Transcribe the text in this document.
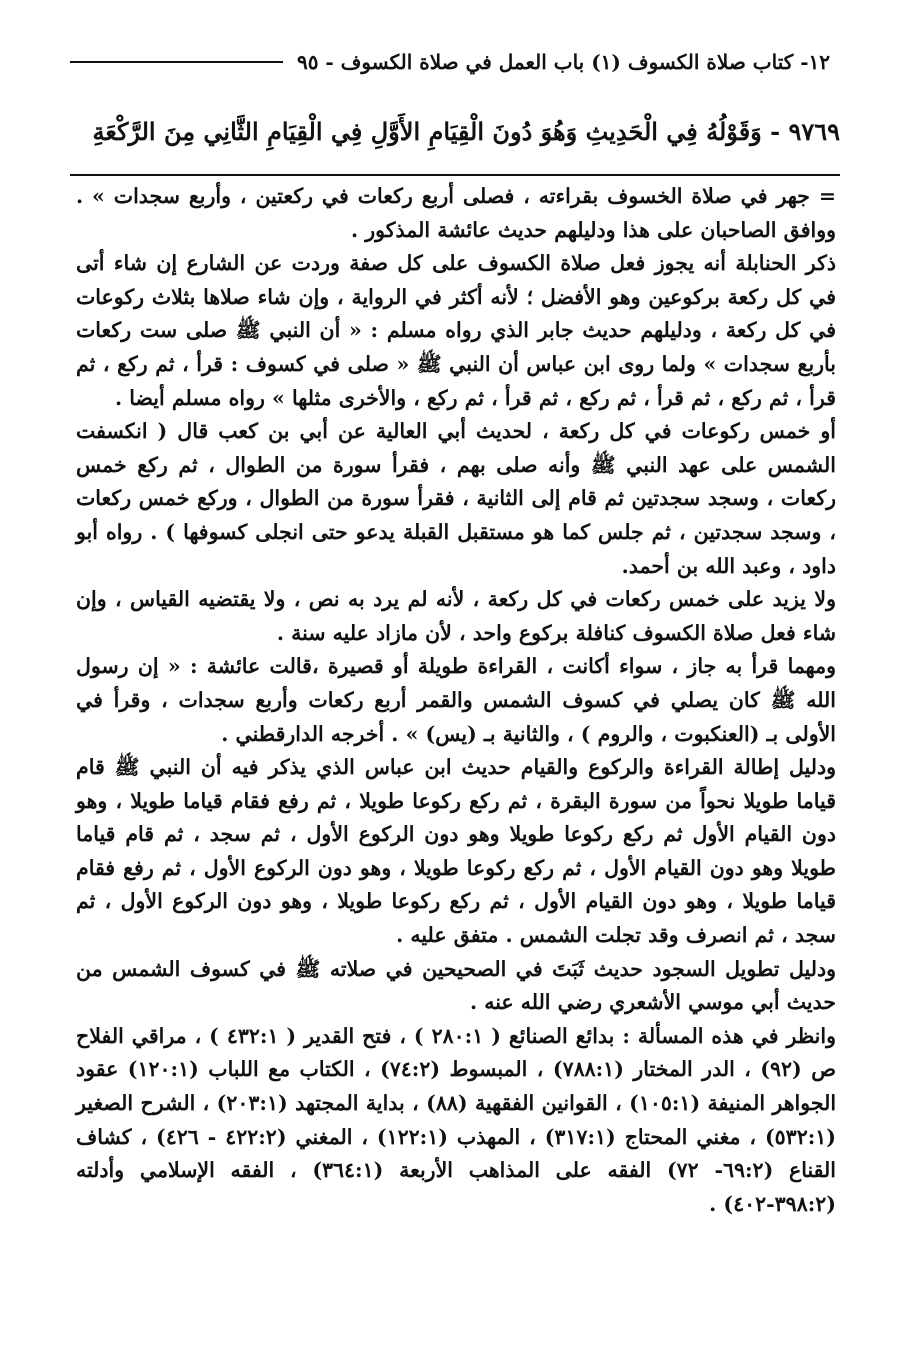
١٢- كتاب صلاة الكسوف (١) باب العمل في صلاة الكسوف - ٩٥
٩٧٦٩ - وَقَوْلُهُ فِي الْحَدِيثِ وَهُوَ دُونَ الْقِيَامِ الأَوَّلِ فِي الْقِيَامِ الثَّانِي مِنَ الرَّكْعَةِ

= جهر في صلاة الخسوف بقراءته ، فصلى أربع ركعات في ركعتين ، وأربع سجدات » . ووافق الصاحبان على هذا ودليلهم حديث عائشة المذكور .

ذكر الحنابلة أنه يجوز فعل صلاة الكسوف على كل صفة وردت عن الشارع إن شاء أتى في كل ركعة بركوعين وهو الأفضل ؛ لأنه أكثر في الرواية ، وإن شاء صلاها بثلاث ركوعات في كل ركعة ، ودليلهم حديث جابر الذي رواه مسلم : « أن النبي ﷺ صلى ست ركعات بأربع سجدات » ولما روى ابن عباس أن النبي ﷺ « صلى في كسوف : قرأ ، ثم ركع ، ثم قرأ ، ثم ركع ، ثم قرأ ، ثم ركع ، ثم قرأ ، ثم ركع ، والأخرى مثلها » رواه مسلم أيضا .

أو خمس ركوعات في كل ركعة ، لحديث أبي العالية عن أبي بن كعب قال ( انكسفت الشمس على عهد النبي ﷺ وأنه صلى بهم ، فقرأ سورة من الطوال ، ثم ركع خمس ركعات ، وسجد سجدتين ثم قام إلى الثانية ، فقرأ سورة من الطوال ، وركع خمس ركعات ، وسجد سجدتين ، ثم جلس كما هو مستقبل القبلة يدعو حتى انجلى كسوفها ) . رواه أبو داود ، وعبد الله بن أحمد.

ولا يزيد على خمس ركعات في كل ركعة ، لأنه لم يرد به نص ، ولا يقتضيه القياس ، وإن شاء فعل صلاة الكسوف كنافلة بركوع واحد ، لأن مازاد عليه سنة .

ومهما قرأ به جاز ، سواء أكانت ، القراءة طويلة أو قصيرة ،قالت عائشة : « إن رسول الله ﷺ كان يصلي في كسوف الشمس والقمر أربع ركعات وأربع سجدات ، وقرأ في الأولى بـ (العنكبوت ، والروم ) ، والثانية بـ (يس) » . أخرجه الدارقطني .

ودليل إطالة القراءة والركوع والقيام حديث ابن عباس الذي يذكر فيه أن النبي ﷺ قام قياما طويلا نحواً من سورة البقرة ، ثم ركع ركوعا طويلا ، ثم رفع فقام قياما طويلا ، وهو دون القيام الأول ثم ركع ركوعا طويلا وهو دون الركوع الأول ، ثم سجد ، ثم قام قياما طويلا وهو دون القيام الأول ، ثم ركع ركوعا طويلا ، وهو دون الركوع الأول ، ثم رفع فقام قياما طويلا ، وهو دون القيام الأول ، ثم ركع ركوعا طويلا ، وهو دون الركوع الأول ، ثم سجد ، ثم انصرف وقد تجلت الشمس . متفق عليه .

ودليل تطويل السجود حديث ثَبَتَ في الصحيحين في صلاته ﷺ في كسوف الشمس من حديث أبي موسي الأشعري رضي الله عنه .

وانظر في هذه المسألة : بدائع الصنائع ( ٢٨٠:١ ) ، فتح القدير ( ٤٣٢:١ ) ، مراقي الفلاح ص (٩٢) ، الدر المختار (٧٨٨:١) ، المبسوط (٧٤:٢) ، الكتاب مع اللباب (١٢٠:١) عقود الجواهر المنيفة (١٠٥:١) ، القوانين الفقهية (٨٨) ، بداية المجتهد (٢٠٣:١) ، الشرح الصغير (٥٣٢:١) ، مغني المحتاج (٣١٧:١) ، المهذب (١٢٢:١) ، المغني (٤٢٢:٢ - ٤٢٦) ، كشاف القناع (٦٩:٢- ٧٢) الفقه على المذاهب الأربعة (٣٦٤:١) ، الفقه الإسلامي وأدلته (٣٩٨:٢-٤٠٢) .
